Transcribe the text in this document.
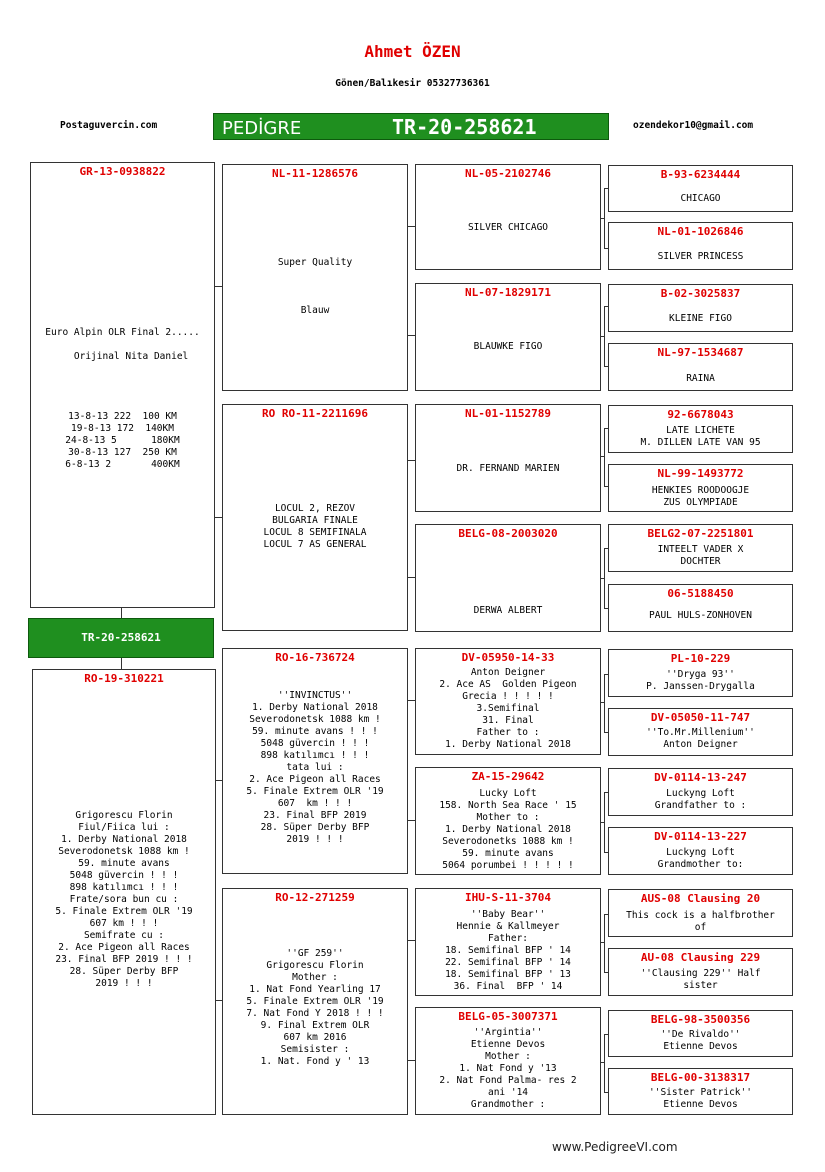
Ahmet ÖZEN
Gönen/Balıkesir 05327736361
Postaguvercin.com	ozendekor10@gmail.com
PEDİGRE	TR-20-258621
GR-13-0938822
Euro Alpin OLR Final 2.....

Orijinal Nita Daniel

13-8-13 222  100 KM
19-8-13 172  140KM
24-8-13 5      180KM
30-8-13 127  250 KM
6-8-13 2       400KM
TR-20-258621
RO-19-310221
Grigorescu Florin
Fiul/Fiica lui :
1. Derby National 2018
Severodonetsk 1088 km !
59. minute avans
5048 güvercin ! ! !
898 katılımcı ! ! !
Frate/sora bun cu :
5. Finale Extrem OLR '19
607 km ! ! !
Semifrate cu :
2. Ace Pigeon all Races
23. Final BFP 2019 ! ! !
28. Süper Derby BFP
2019 ! ! !
NL-11-1286576
Super Quality

Blauw
RO RO-11-2211696
LOCUL 2, REZOV
BULGARIA FINALE
LOCUL 8 SEMIFINALA
LOCUL 7 AS GENERAL
RO-16-736724
''INVINCTUS''
1. Derby National 2018
Severodonetsk 1088 km !
59. minute avans ! ! !
5048 güvercin ! ! !
898 katılımcı ! ! !
tata lui :
2. Ace Pigeon all Races
5. Finale Extrem OLR '19
607  km ! ! !
23. Final BFP 2019
28. Süper Derby BFP
2019 ! ! !
RO-12-271259
''GF 259''
Grigorescu Florin
Mother :
1. Nat Fond Yearling 17
5. Finale Extrem OLR '19
7. Nat Fond Y 2018 ! ! !
9. Final Extrem OLR
607 km 2016
Semisister :
1. Nat. Fond y ' 13
NL-05-2102746
SILVER CHICAGO
NL-07-1829171
BLAUWKE FIGO
NL-01-1152789
DR. FERNAND MARIEN
BELG-08-2003020
DERWA ALBERT
DV-05950-14-33
Anton Deigner
2. Ace AS  Golden Pigeon
Grecia ! ! ! ! !
3.Semifinal
31. Final
Father to :
1. Derby National 2018
ZA-15-29642
Lucky Loft
158. North Sea Race ' 15
Mother to :
1. Derby National 2018
Severodonetks 1088 km !
59. minute avans
5064 porumbei ! ! ! ! !
IHU-S-11-3704
''Baby Bear''
Hennie & Kallmeyer
Father:
18. Semifinal BFP ' 14
22. Semifinal BFP ' 14
18. Semifinal BFP ' 13
36. Final  BFP ' 14
BELG-05-3007371
''Argintia''
Etienne Devos
Mother :
1. Nat Fond y '13
2. Nat Fond Palma- res 2
ani '14
Grandmother :
B-93-6234444
CHICAGO
NL-01-1026846
SILVER PRINCESS
B-02-3025837
KLEINE FIGO
NL-97-1534687
RAINA
92-6678043
LATE LICHETE
M. DILLEN LATE VAN 95
NL-99-1493772
HENKIES ROODOOGJE
ZUS OLYMPIADE
BELG2-07-2251801
INTEELT VADER X
DOCHTER
06-5188450
PAUL HULS-ZONHOVEN
PL-10-229
''Dryga 93''
P. Janssen-Drygalla
DV-05050-11-747
''To.Mr.Millenium''
Anton Deigner
DV-0114-13-247
Luckyng Loft
Grandfather to :
DV-0114-13-227
Luckyng Loft
Grandmother to:
AUS-08 Clausing 20
This cock is a halfbrother
of
AU-08 Clausing 229
''Clausing 229'' Half
sister
BELG-98-3500356
''De Rivaldo''
Etienne Devos
BELG-00-3138317
''Sister Patrick''
Etienne Devos
www.PedigreeVI.com
